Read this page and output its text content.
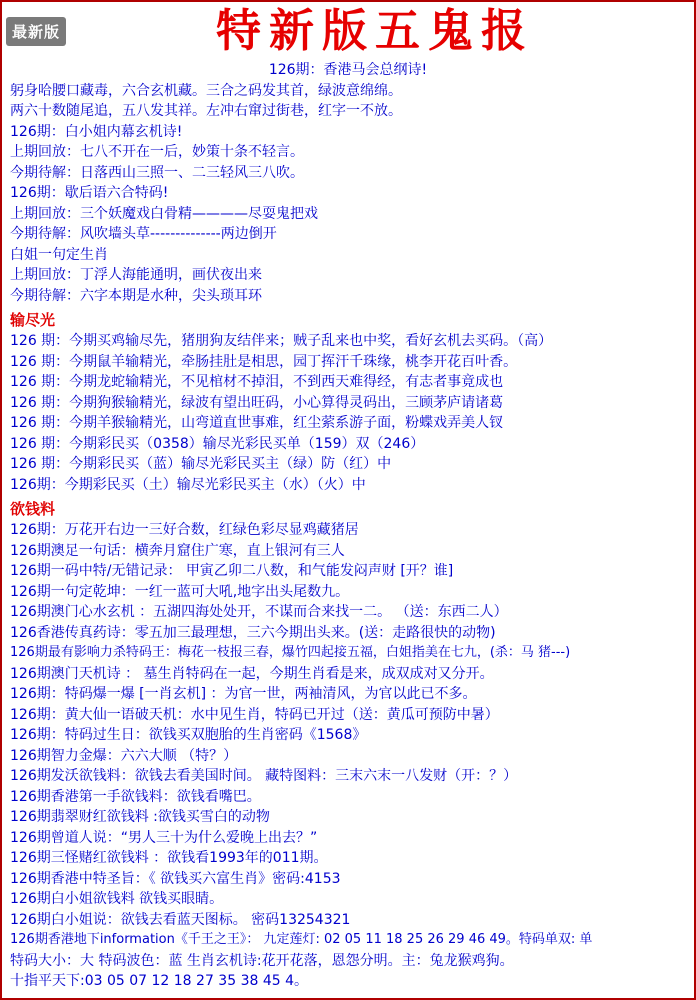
最新版	特新版五鬼报
126期：香港马会总纲诗!
躬身哈腰口藏毒，六合玄机藏。三合之码发其首，绿波意绵绵。
两六十数随尾追，五八发其祥。左冲右窜过街巷，红字一不放。
126期：白小姐内幕玄机诗!
上期回放：七八不开在一后，妙策十条不轻言。
今期待解：日落西山三照一、二三轻风三八吹。
126期：歇后语六合特码!
上期回放：三个妖魔戏白骨精————尽耍鬼把戏
今期待解：风吹墙头草--------------两边倒开
白姐一句定生肖
上期回放：丁浮人海能通明，画伏夜出来
今期待解：六字本期是水种，尖头琐耳环
输尽光
126 期：今期买鸡输尽先，猪朋狗友结伴来；贼子乱来也中奖，看好玄机去买码。（高）
126 期：今期鼠羊输精光，牵肠挂肚是相思，园丁挥汗千珠缘，桃李开花百叶香。
126 期：今期龙蛇输精光，不见棺材不掉泪，不到西天难得经，有志者事竟成也
126 期：今期狗猴输精光，绿波有望出旺码，小心算得灵码出，三顾茅庐请诸葛
126 期：今期羊猴输精光，山弯道直世事难，红尘萦系游子面，粉蝶戏弄美人钗
126 期：今期彩民买（0358）输尽光彩民买单（159）双（246）
126 期：今期彩民买（蓝）输尽光彩民买主（绿）防（红）中
126期：今期彩民买（土）输尽光彩民买主（水）（火）中
欲钱料
126期：万花开右边一三好合数，红绿色彩尽显鸡藏猪居
126期澳足一句话：横奔月窟住广寒，直上银河有三人
126期一码中特/无错记录： 甲寅乙卯二八数，和气能发闷声财 [开？谁]
126期一句定乾坤：一红一蓝可大吼,地字出头尾数九。
126期澳门心水玄机 ：五湖四海处处开，不谋而合来找一二。 （送：东西二人）
126香港传真药诗：零五加三最理想，三六今期出头来。(送：走路很快的动物)
126期最有影响力杀特码王：梅花一枝报三春，爆竹四起接五福，白姐指美在七九，(杀：马 猪---)
126期澳门天机诗 ： 墓生肖特码在一起，今期生肖看是来，成双成对又分开。
126期：特码爆一爆 [一肖玄机] ：为官一世，两袖清风，为官以此已不多。
126期：黄大仙一语破天机：水中见生肖，特码已开过（送：黄瓜可预防中暑）
126期：特码过生日：欲钱买双胞胎的生肖密码《1568》
126期智力金爆：六六大顺 （特？）
126期发沃欲钱料：欲钱去看美国时间。 藏特图料：三末六末一八发财（开：？）
126期香港第一手欲钱料：欲钱看嘴巴。
126期翡翠财红欲钱料 :欲钱买雪白的动物
126期曾道人说：“男人三十为什么爱晚上出去？”
126期三怪赌红欲钱料 ：欲钱看1993年的011期。
126期香港中特圣旨：《 欲钱买六富生肖》密码:4153
126期白小姐欲钱料 欲钱买眼睛。
126期白小姐说：欲钱去看蓝天图标。 密码13254321
126期香港地下information《千王之王》： 九定莲灯: 02 05 11 18 25 26 29 46 49。特码单双: 单
特码大小：大 特码波色：蓝 生肖玄机诗:花开花落，恩怨分明。主：兔龙猴鸡狗。
十指平天下:03 05 07 12 18 27 35 38 45 4。
